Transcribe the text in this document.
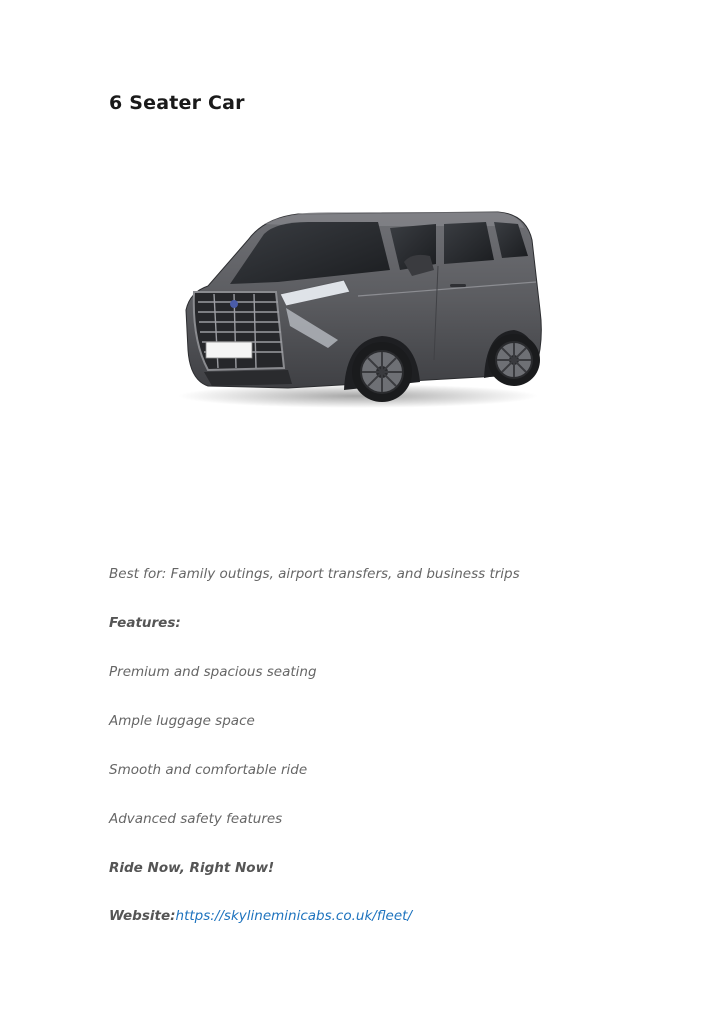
6 Seater Car

Best for: Family outings, airport transfers, and business trips

Features:

Premium and spacious seating

Ample luggage space

Smooth and comfortable ride

Advanced safety features

Ride Now, Right Now!

Website:https://skylineminicabs.co.uk/fleet/
